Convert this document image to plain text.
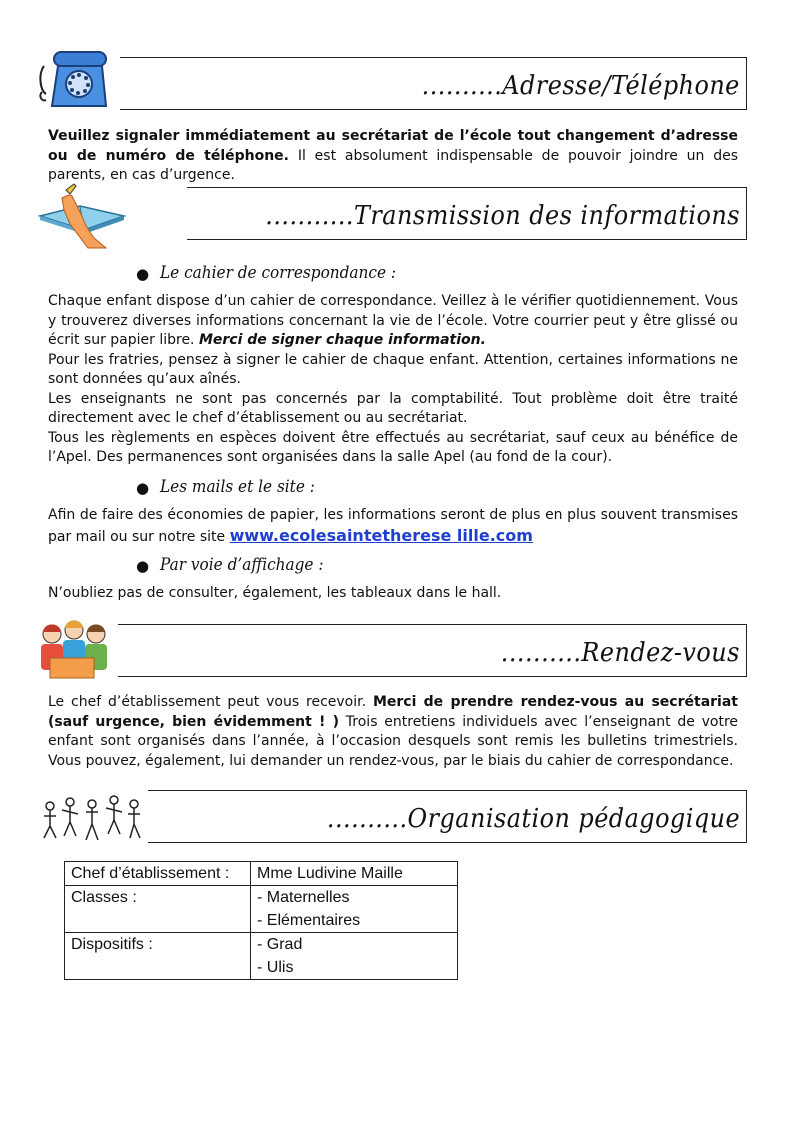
..........Adresse/Téléphone

Veuillez signaler immédiatement au secrétariat de l’école tout changement d’adresse ou de numéro de téléphone. Il est absolument indispensable de pouvoir joindre un des parents, en cas d’urgence.

...........Transmission des informations
● Le cahier de correspondance :

Chaque enfant dispose d’un cahier de correspondance. Veillez à le vérifier quotidiennement. Vous y trouverez diverses informations concernant la vie de l’école. Votre courrier peut y être glissé ou écrit sur papier libre. Merci de signer chaque information.

Pour les fratries, pensez à signer le cahier de chaque enfant. Attention, certaines informations ne sont données qu’aux aînés.

Les enseignants ne sont pas concernés par la comptabilité. Tout problème doit être traité directement avec le chef d’établissement ou au secrétariat.

Tous les règlements en espèces doivent être effectués au secrétariat, sauf ceux au bénéfice de l’Apel. Des permanences sont organisées dans la salle Apel (au fond de la cour).

● Les mails et le site :

Afin de faire des économies de papier, les informations seront de plus en plus souvent transmises par mail ou sur notre site www.ecolesaintetherese lille.com

● Par voie d’affichage :

N’oubliez pas de consulter, également, les tableaux dans le hall.

..........Rendez-vous

Le chef d’établissement peut vous recevoir. Merci de prendre rendez-vous au secrétariat (sauf urgence, bien évidemment ! ) Trois entretiens individuels avec l’enseignant de votre enfant sont organisés dans l’année, à l’occasion desquels sont remis les bulletins trimestriels. Vous pouvez, également, lui demander un rendez-vous, par le biais du cahier de correspondance.

..........Organisation pédagogique
Chef d’établissement :	Mme Ludivine Maille

Classes :	- Maternelles
- Elémentaires

Dispositifs :	- Grad
- Ulis
